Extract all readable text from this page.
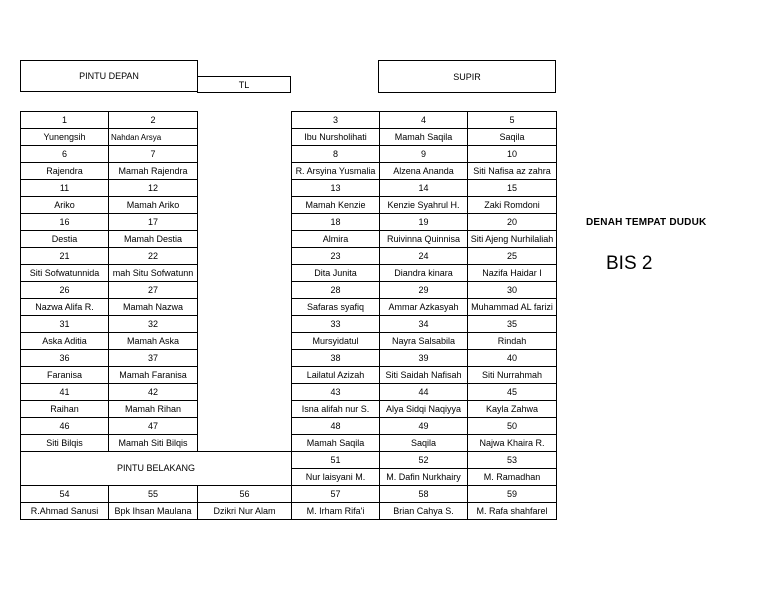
PINTU DEPAN
TL
SUPIR
1	2		3	4	5
Yunengsih	Nahdan Arsya		Ibu Nursholihati	Mamah Saqila	Saqila
6	7		8	9	10
Rajendra	Mamah Rajendra		R. Arsyina Yusmalia	Alzena Ananda	Siti Nafisa az zahra
11	12		13	14	15
Ariko	Mamah Ariko		Mamah Kenzie	Kenzie Syahrul H.	Zaki Romdoni
16	17		18	19	20
Destia	Mamah Destia		Almira	Ruivinna Quinnisa	Siti Ajeng Nurhilaliah
21	22		23	24	25
Siti Sofwatunnida	mah Situ Sofwatunn		Dita Junita	Diandra kinara	Nazifa Haidar I
26	27		28	29	30
Nazwa Alifa R.	Mamah Nazwa		Safaras syafiq	Ammar Azkasyah	Muhammad AL farizi
31	32		33	34	35
Aska Aditia	Mamah Aska		Mursyidatul	Nayra Salsabila	Rindah
36	37		38	39	40
Faranisa	Mamah Faranisa		Lailatul Azizah	Siti Saidah Nafisah	Siti Nurrahmah
41	42		43	44	45
Raihan	Mamah Rihan		Isna alifah nur S.	Alya Sidqi Naqiyya	Kayla Zahwa
46	47		48	49	50
Siti Bilqis	Mamah Siti Bilqis		Mamah Saqila	Saqila	Najwa Khaira R.
PINTU BELAKANG			51	52	53
			Nur laisyani M.	M. Dafin Nurkhairy	M. Ramadhan
54	55	56	57	58	59
R.Ahmad Sanusi	Bpk Ihsan Maulana	Dzikri Nur Alam	M. Irham Rifa'i	Brian Cahya S.	M. Rafa shahfarel
DENAH TEMPAT DUDUK
BIS 2
